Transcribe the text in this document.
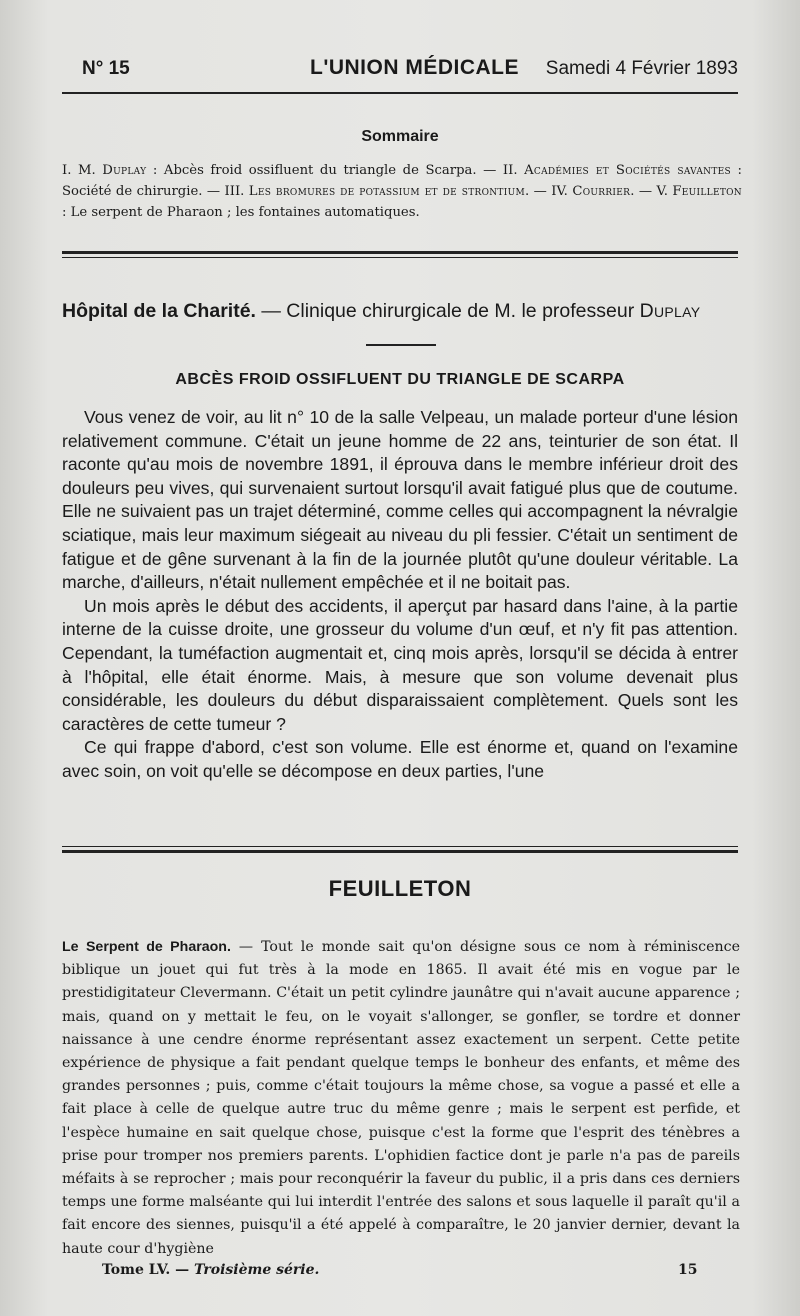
N° 15	L'UNION MÉDICALE Samedi 4 Février 1893
Sommaire
I. M. Duplay : Abcès froid ossifluent du triangle de Scarpa. — II. Académies et Sociétés savantes : Société de chirurgie. — III. Les bromures de potassium et de strontium. — IV. Courrier. — V. Feuilleton : Le serpent de Pharaon ; les fontaines automatiques.
Hôpital de la Charité. — Clinique chirurgicale de M. le professeur Duplay
ABCÈS FROID OSSIFLUENT DU TRIANGLE DE SCARPA

Vous venez de voir, au lit n° 10 de la salle Velpeau, un malade porteur d'une lésion relativement commune. C'était un jeune homme de 22 ans, teinturier de son état. Il raconte qu'au mois de novembre 1891, il éprouva dans le membre inférieur droit des douleurs peu vives, qui survenaient surtout lorsqu'il avait fatigué plus que de coutume. Elle ne suivaient pas un trajet déterminé, comme celles qui accompagnent la névralgie sciatique, mais leur maximum siégeait au niveau du pli fessier. C'était un sentiment de fatigue et de gêne survenant à la fin de la journée plutôt qu'une douleur véritable. La marche, d'ailleurs, n'était nullement empêchée et il ne boitait pas.

Un mois après le début des accidents, il aperçut par hasard dans l'aine, à la partie interne de la cuisse droite, une grosseur du volume d'un œuf, et n'y fit pas attention. Cependant, la tuméfaction augmentait et, cinq mois après, lorsqu'il se décida à entrer à l'hôpital, elle était énorme. Mais, à mesure que son volume devenait plus considérable, les douleurs du début disparaissaient complètement. Quels sont les caractères de cette tumeur ?

Ce qui frappe d'abord, c'est son volume. Elle est énorme et, quand on l'examine avec soin, on voit qu'elle se décompose en deux parties, l'une

FEUILLETON

Le Serpent de Pharaon. — Tout le monde sait qu'on désigne sous ce nom à réminiscence biblique un jouet qui fut très à la mode en 1865. Il avait été mis en vogue par le prestidigitateur Clevermann. C'était un petit cylindre jaunâtre qui n'avait aucune apparence ; mais, quand on y mettait le feu, on le voyait s'allonger, se gonfler, se tordre et donner naissance à une cendre énorme représentant assez exactement un serpent. Cette petite expérience de physique a fait pendant quelque temps le bonheur des enfants, et même des grandes personnes ; puis, comme c'était toujours la même chose, sa vogue a passé et elle a fait place à celle de quelque autre truc du même genre ; mais le serpent est perfide, et l'espèce humaine en sait quelque chose, puisque c'est la forme que l'esprit des ténèbres a prise pour tromper nos premiers parents. L'ophidien factice dont je parle n'a pas de pareils méfaits à se reprocher ; mais pour reconquérir la faveur du public, il a pris dans ces derniers temps une forme malséante qui lui interdit l'entrée des salons et sous laquelle il paraît qu'il a fait encore des siennes, puisqu'il a été appelé à comparaître, le 20 janvier dernier, devant la haute cour d'hygiène

Tome LV. — Troisième série.	15
